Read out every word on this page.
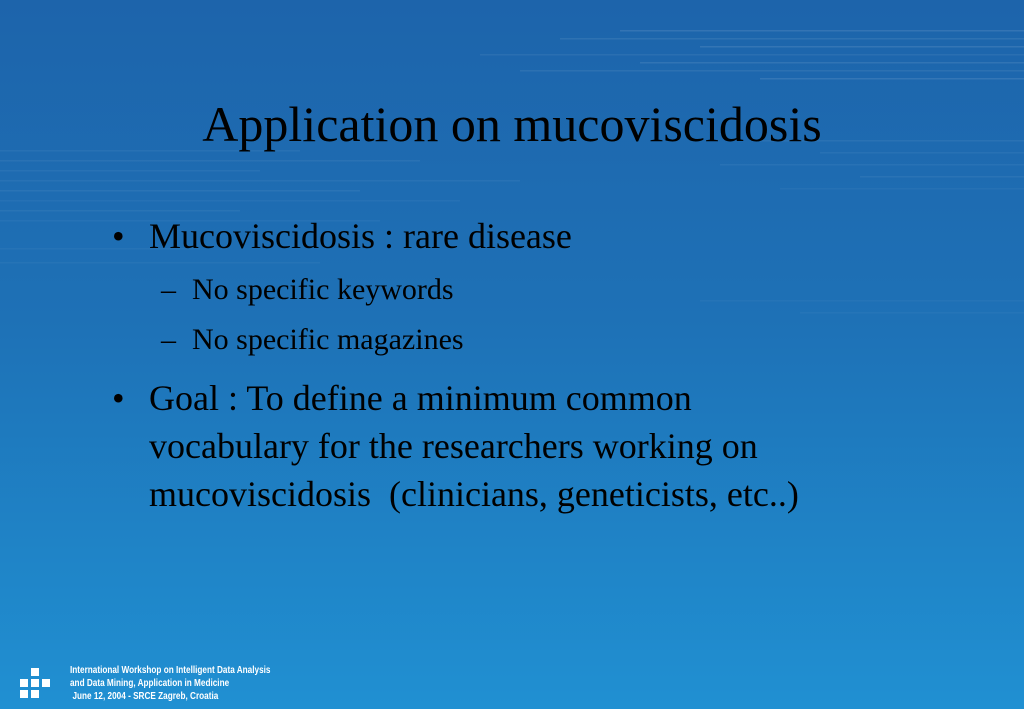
Application on mucoviscidosis
• Mucoviscidosis : rare disease
– No specific keywords
– No specific magazines
• Goal : To define a minimum common
vocabulary for the researchers working on
mucoviscidosis  (clinicians, geneticists, etc..)
International Workshop on Intelligent Data Analysis
and Data Mining, Application in Medicine
June 12, 2004 - SRCE Zagreb, Croatia
